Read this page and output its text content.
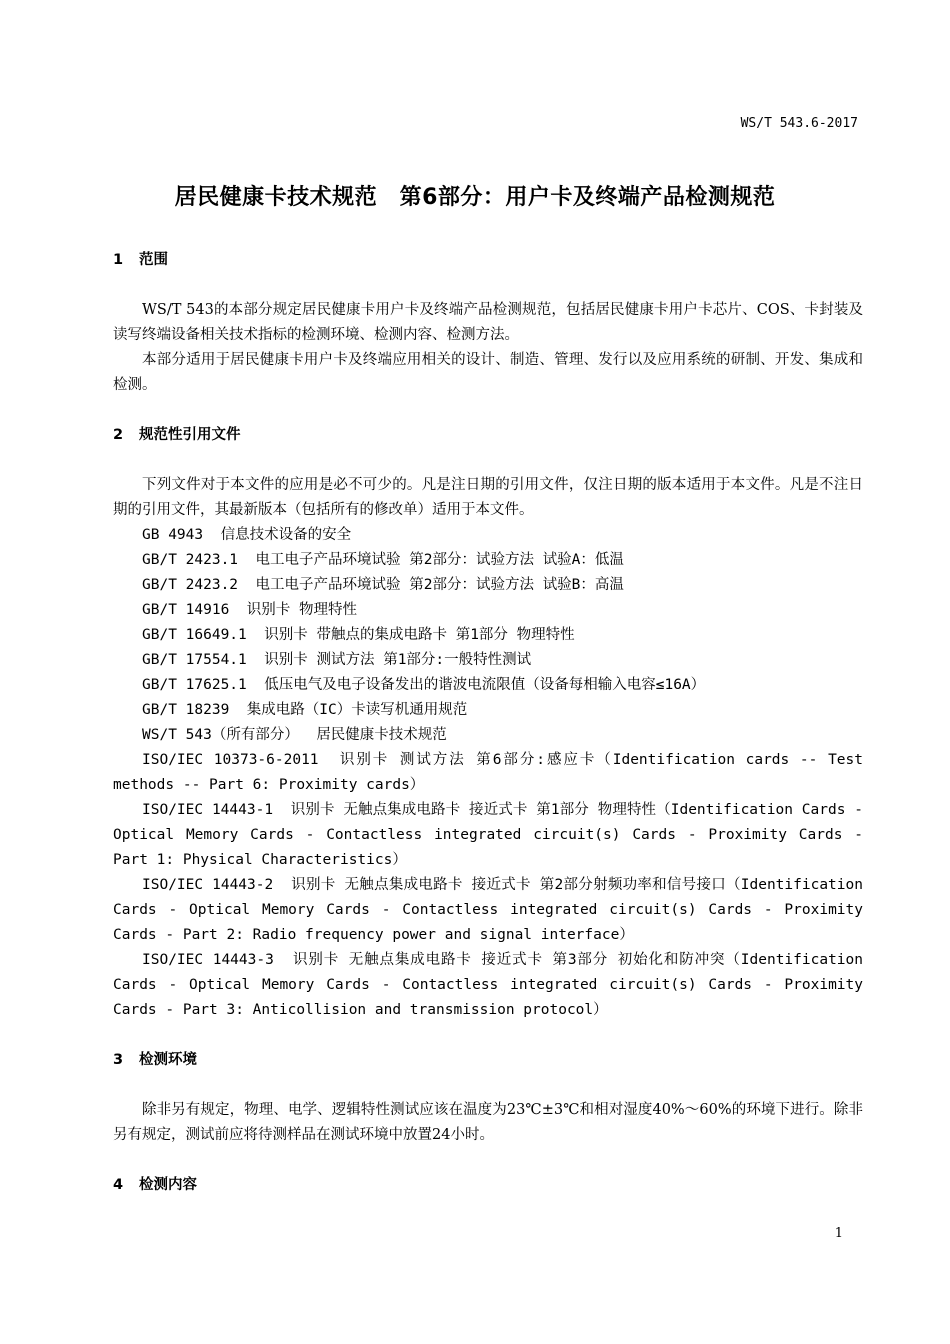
WS/T 543.6-2017
居民健康卡技术规范　第6部分：用户卡及终端产品检测规范
1 范围

WS/T 543的本部分规定居民健康卡用户卡及终端产品检测规范，包括居民健康卡用户卡芯片、COS、卡封装及读写终端设备相关技术指标的检测环境、检测内容、检测方法。

本部分适用于居民健康卡用户卡及终端应用相关的设计、制造、管理、发行以及应用系统的研制、开发、集成和检测。

2 规范性引用文件

下列文件对于本文件的应用是必不可少的。凡是注日期的引用文件，仅注日期的版本适用于本文件。凡是不注日期的引用文件，其最新版本（包括所有的修改单）适用于本文件。

GB 4943 信息技术设备的安全

GB/T 2423.1 电工电子产品环境试验 第2部分：试验方法 试验A：低温

GB/T 2423.2 电工电子产品环境试验 第2部分：试验方法 试验B：高温

GB/T 14916 识别卡 物理特性

GB/T 16649.1 识别卡 带触点的集成电路卡 第1部分 物理特性

GB/T 17554.1 识别卡 测试方法 第1部分:一般特性测试

GB/T 17625.1 低压电气及电子设备发出的谐波电流限值（设备每相输入电容≤16A）

GB/T 18239 集成电路（IC）卡读写机通用规范

WS/T 543（所有部分） 居民健康卡技术规范

ISO/IEC 10373-6-2011 识别卡 测试方法 第6部分:感应卡（Identification cards -- Test methods -- Part 6: Proximity cards）

ISO/IEC 14443-1 识别卡 无触点集成电路卡 接近式卡 第1部分 物理特性（Identification Cards - Optical Memory Cards - Contactless integrated circuit(s) Cards - Proximity Cards - Part 1: Physical Characteristics）

ISO/IEC 14443-2 识别卡 无触点集成电路卡 接近式卡 第2部分射频功率和信号接口（Identification Cards - Optical Memory Cards - Contactless integrated circuit(s) Cards - Proximity Cards - Part 2: Radio frequency power and signal interface）

ISO/IEC 14443-3 识别卡 无触点集成电路卡 接近式卡 第3部分 初始化和防冲突（Identification Cards - Optical Memory Cards - Contactless integrated circuit(s) Cards - Proximity Cards - Part 3: Anticollision and transmission protocol）

3 检测环境

除非另有规定，物理、电学、逻辑特性测试应该在温度为23℃±3℃和相对湿度40%～60%的环境下进行。除非另有规定，测试前应将待测样品在测试环境中放置24小时。

4 检测内容
1
